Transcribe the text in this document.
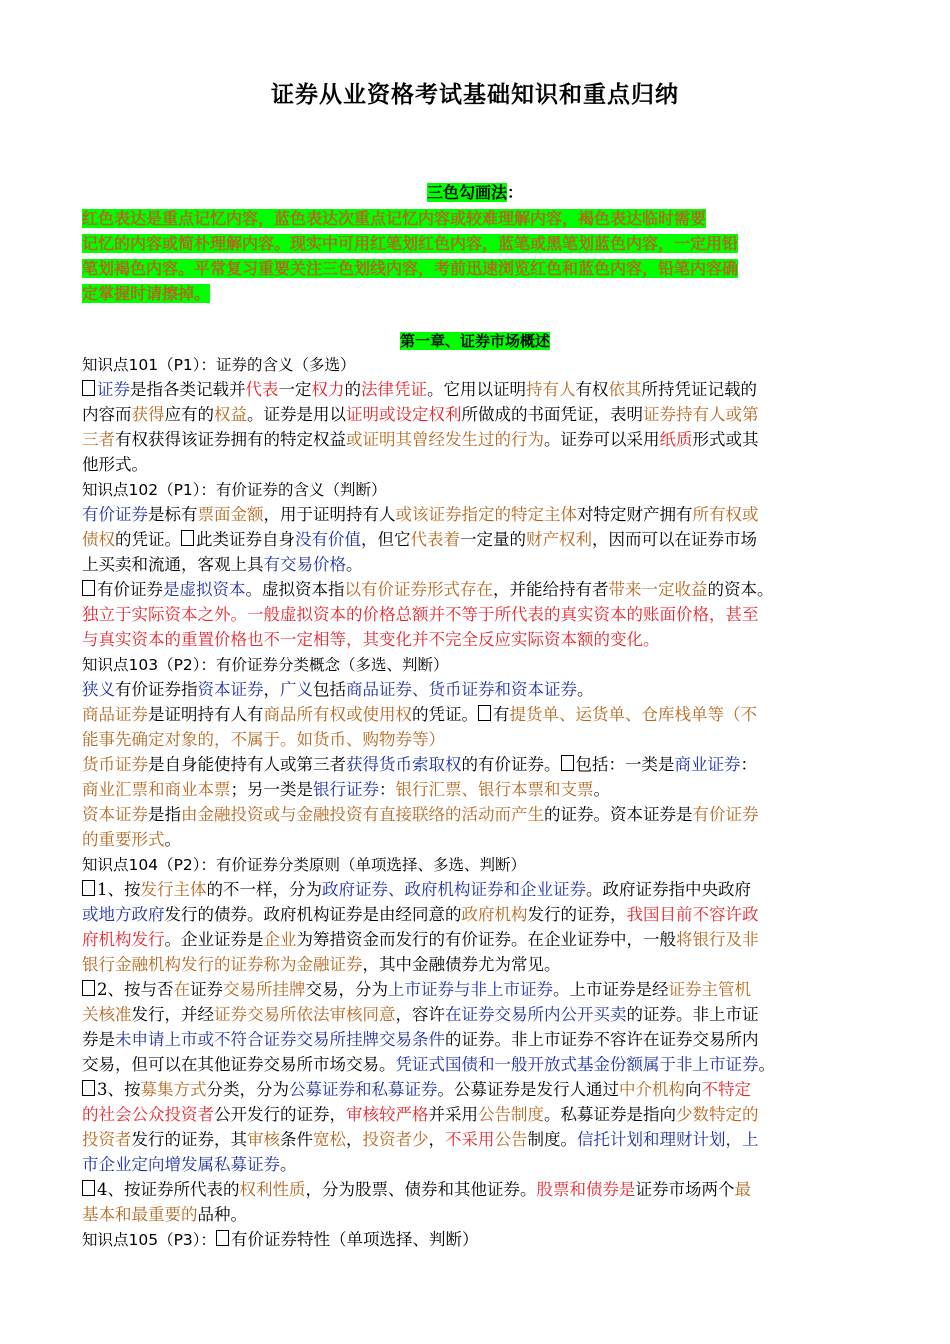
证券从业资格考试基础知识和重点归纳
三色勾画法：
红色表达是重点记忆内容，蓝色表达次重点记忆内容或较难理解内容，褐色表达临时需要
记忆的内容或简朴理解内容。现实中可用红笔划红色内容，蓝笔或黑笔划蓝色内容，一定用铅
笔划褐色内容。平常复习重要关注三色划线内容，考前迅速浏览红色和蓝色内容，铅笔内容确
定掌握时请擦掉。
第一章、证券市场概述
知识点101（P1）：证券的含义（多选）
证券是指各类记载并代表一定权力的法律凭证。它用以证明持有人有权依其所持凭证记载的
内容而获得应有的权益。证券是用以证明或设定权利所做成的书面凭证，表明证券持有人或第
三者有权获得该证券拥有的特定权益或证明其曾经发生过的行为。证券可以采用纸质形式或其
他形式。
知识点102（P1）：有价证券的含义（判断）
有价证券是标有票面金额，用于证明持有人或该证券指定的特定主体对特定财产拥有所有权或
债权的凭证。 此类证券自身没有价值，但它代表着一定量的财产权利，因而可以在证券市场
上买卖和流通，客观上具有交易价格。
有价证券是虚拟资本。虚拟资本指以有价证券形式存在，并能给持有者带来一定收益的资本。
独立于实际资本之外。一般虚拟资本的价格总额并不等于所代表的真实资本的账面价格，甚至
与真实资本的重置价格也不一定相等，其变化并不完全反应实际资本额的变化。
知识点103（P2）：有价证券分类概念（多选、判断）
狭义有价证券指资本证券，广义包括商品证券、货币证券和资本证券。
商品证券是证明持有人有商品所有权或使用权的凭证。 有提货单、运货单、仓库栈单等（不
能事先确定对象的，不属于。如货币、购物券等）
货币证券是自身能使持有人或第三者获得货币索取权的有价证券。 包括：一类是商业证券：
商业汇票和商业本票；另一类是银行证券：银行汇票、银行本票和支票。
资本证券是指由金融投资或与金融投资有直接联络的活动而产生的证券。资本证券是有价证券
的重要形式。
知识点104（P2）：有价证券分类原则（单项选择、多选、判断）
1、按发行主体的不一样，分为政府证券、政府机构证券和企业证券。政府证券指中央政府
或地方政府发行的债券。政府机构证券是由经同意的政府机构发行的证券，我国目前不容许政
府机构发行。企业证券是企业为筹措资金而发行的有价证券。在企业证券中，一般将银行及非
银行金融机构发行的证券称为金融证券，其中金融债券尤为常见。
2、按与否在证券交易所挂牌交易，分为上市证券与非上市证券。上市证券是经证券主管机
关核准发行，并经证券交易所依法审核同意，容许在证券交易所内公开买卖的证券。非上市证
券是未申请上市或不符合证券交易所挂牌交易条件的证券。非上市证券不容许在证券交易所内
交易，但可以在其他证券交易所市场交易。凭证式国债和一般开放式基金份额属于非上市证券。
3、按募集方式分类，分为公募证券和私募证券。公募证券是发行人通过中介机构向不特定
的社会公众投资者公开发行的证券，审核较严格并采用公告制度。私募证券是指向少数特定的
投资者发行的证券，其审核条件宽松，投资者少，不采用公告制度。信托计划和理财计划，上
市企业定向增发属私募证券。
4、按证券所代表的权利性质，分为股票、债券和其他证券。股票和债券是证券市场两个最
基本和最重要的品种。
知识点105（P3）： 有价证券特性（单项选择、判断）
